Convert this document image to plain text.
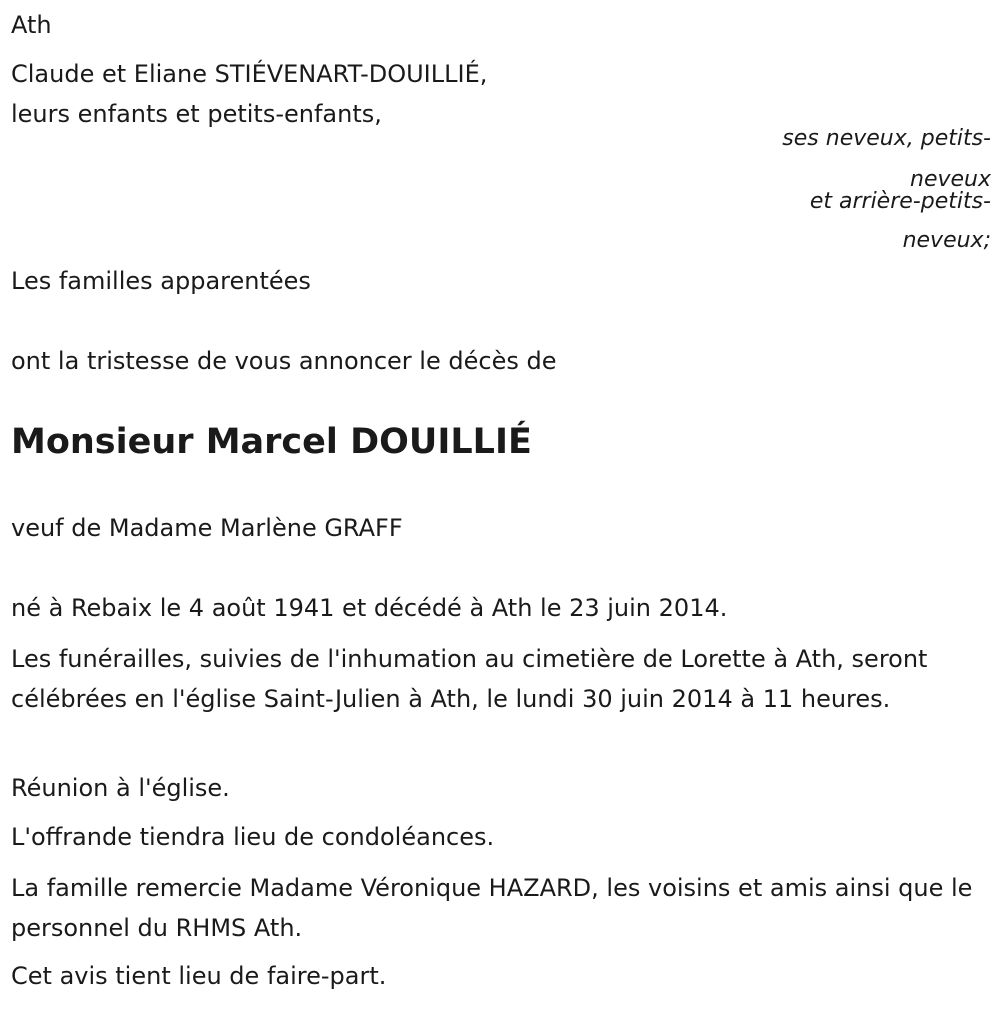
Ath

Claude et Eliane STIÉVENART-DOUILLIÉ,

leurs enfants et petits-enfants,

ses neveux, petits-
neveux
et arrière-petits-
neveux;

Les familles apparentées

ont la tristesse de vous annoncer le décès de

Monsieur Marcel DOUILLIÉ

veuf de Madame Marlène GRAFF

né à Rebaix le 4 août 1941 et décédé à Ath le 23 juin 2014.

Les funérailles, suivies de l'inhumation au cimetière de Lorette à Ath, seront célébrées en l'église Saint-Julien à Ath, le lundi 30 juin 2014 à 11 heures.

Réunion à l'église.

L'offrande tiendra lieu de condoléances.

La famille remercie Madame Véronique HAZARD, les voisins et amis ainsi que le personnel du RHMS Ath.

Cet avis tient lieu de faire-part.
